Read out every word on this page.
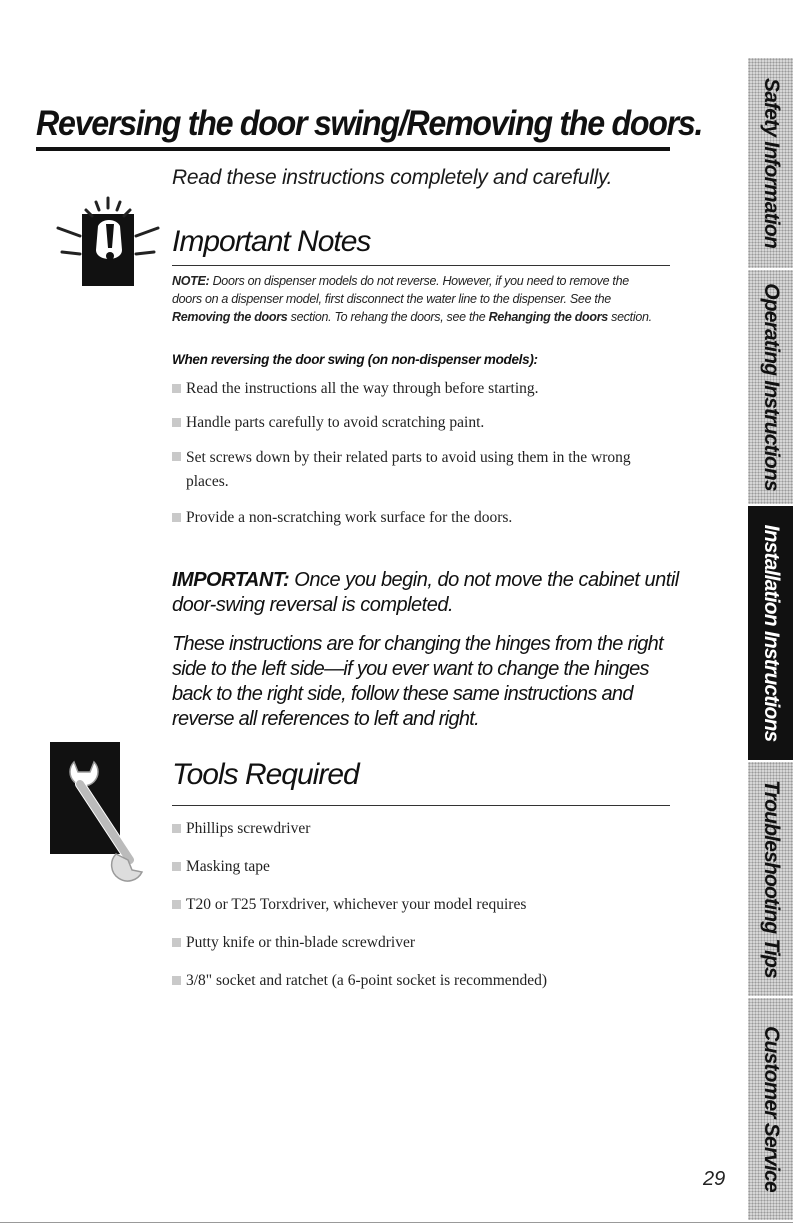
Reversing the door swing/Removing the doors.
Read these instructions completely and carefully.
Important Notes
NOTE: Doors on dispenser models do not reverse. However, if you need to remove the doors on a dispenser model, first disconnect the water line to the dispenser. See the Removing the doors section. To rehang the doors, see the Rehanging the doors section.
When reversing the door swing (on non-dispenser models):
Read the instructions all the way through before starting.
Handle parts carefully to avoid scratching paint.
Set screws down by their related parts to avoid using them in the wrong places.
Provide a non-scratching work surface for the doors.
IMPORTANT: Once you begin, do not move the cabinet until door-swing reversal is completed.
These instructions are for changing the hinges from the right side to the left side—if you ever want to change the hinges back to the right side, follow these same instructions and reverse all references to left and right.
Tools Required
Phillips screwdriver
Masking tape
T20 or T25 Torxdriver, whichever your model requires
Putty knife or thin-blade screwdriver
3/8" socket and ratchet (a 6-point socket is recommended)
Safety Information
Operating Instructions
Installation Instructions
Troubleshooting Tips
Customer Service
29
